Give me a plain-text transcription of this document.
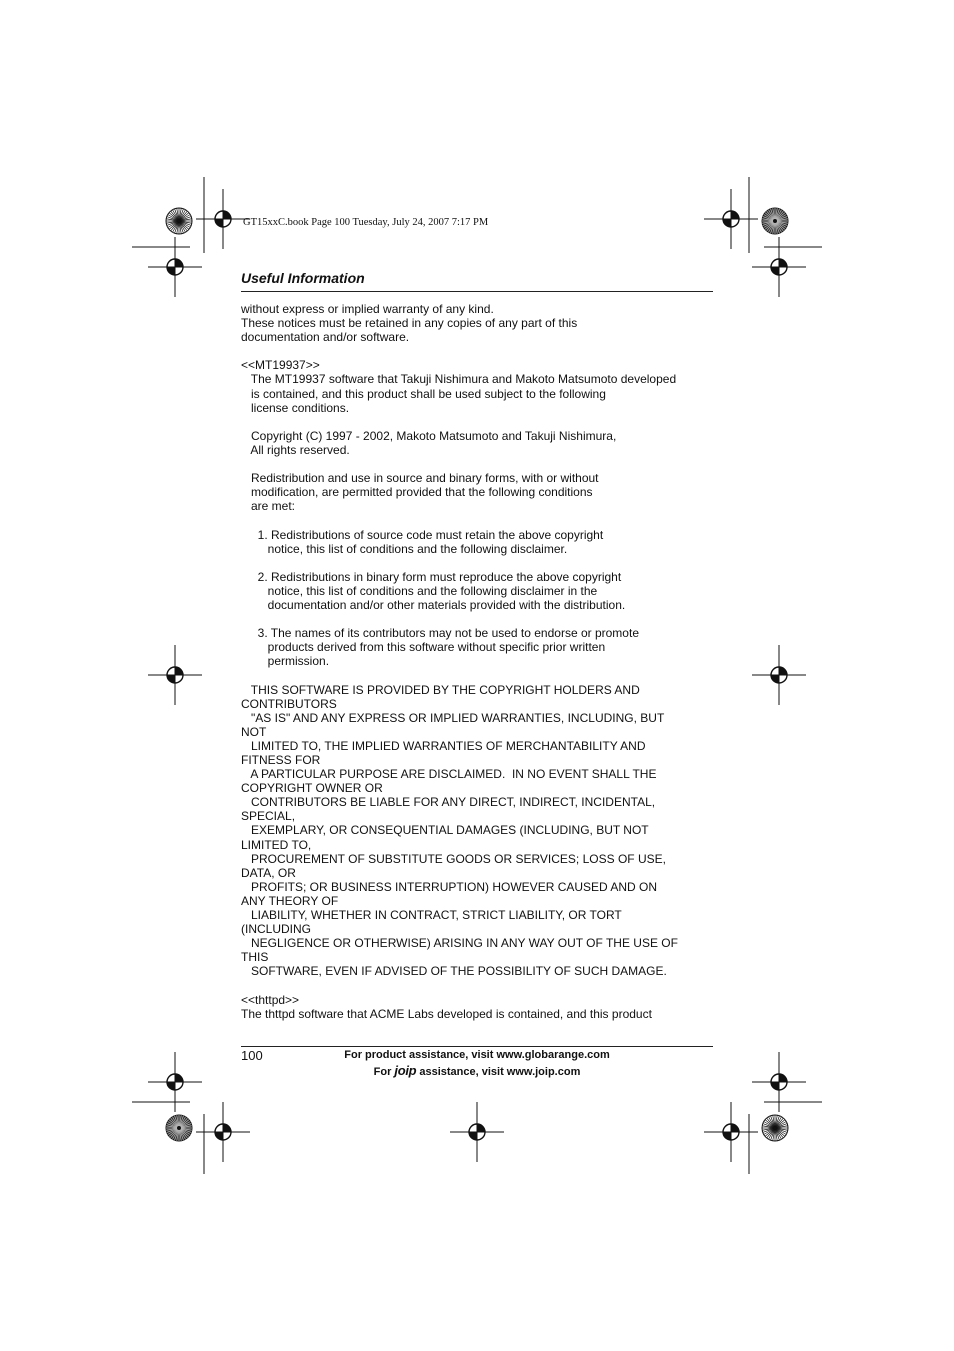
GT15xxC.book Page 100 Tuesday, July 24, 2007 7:17 PM
Useful Information
without express or implied warranty of any kind.
These notices must be retained in any copies of any part of this
documentation and/or software.
<<MT19937>>
The MT19937 software that Takuji Nishimura and Makoto Matsumoto developed
is contained, and this product shall be used subject to the following
license conditions.
Copyright (C) 1997 - 2002, Makoto Matsumoto and Takuji Nishimura,
All rights reserved.
Redistribution and use in source and binary forms, with or without
modification, are permitted provided that the following conditions
are met:
1. Redistributions of source code must retain the above copyright
notice, this list of conditions and the following disclaimer.
2. Redistributions in binary form must reproduce the above copyright
notice, this list of conditions and the following disclaimer in the
documentation and/or other materials provided with the distribution.
3. The names of its contributors may not be used to endorse or promote
products derived from this software without specific prior written
permission.
THIS SOFTWARE IS PROVIDED BY THE COPYRIGHT HOLDERS AND
CONTRIBUTORS
"AS IS" AND ANY EXPRESS OR IMPLIED WARRANTIES, INCLUDING, BUT
NOT
LIMITED TO, THE IMPLIED WARRANTIES OF MERCHANTABILITY AND
FITNESS FOR
A PARTICULAR PURPOSE ARE DISCLAIMED.  IN NO EVENT SHALL THE
COPYRIGHT OWNER OR
CONTRIBUTORS BE LIABLE FOR ANY DIRECT, INDIRECT, INCIDENTAL,
SPECIAL,
EXEMPLARY, OR CONSEQUENTIAL DAMAGES (INCLUDING, BUT NOT
LIMITED TO,
PROCUREMENT OF SUBSTITUTE GOODS OR SERVICES; LOSS OF USE,
DATA, OR
PROFITS; OR BUSINESS INTERRUPTION) HOWEVER CAUSED AND ON
ANY THEORY OF
LIABILITY, WHETHER IN CONTRACT, STRICT LIABILITY, OR TORT
(INCLUDING
NEGLIGENCE OR OTHERWISE) ARISING IN ANY WAY OUT OF THE USE OF
THIS
SOFTWARE, EVEN IF ADVISED OF THE POSSIBILITY OF SUCH DAMAGE.
<<thttpd>>
The thttpd software that ACME Labs developed is contained, and this product
100	For product assistance, visit www.globarange.com
For joip assistance, visit www.joip.com
